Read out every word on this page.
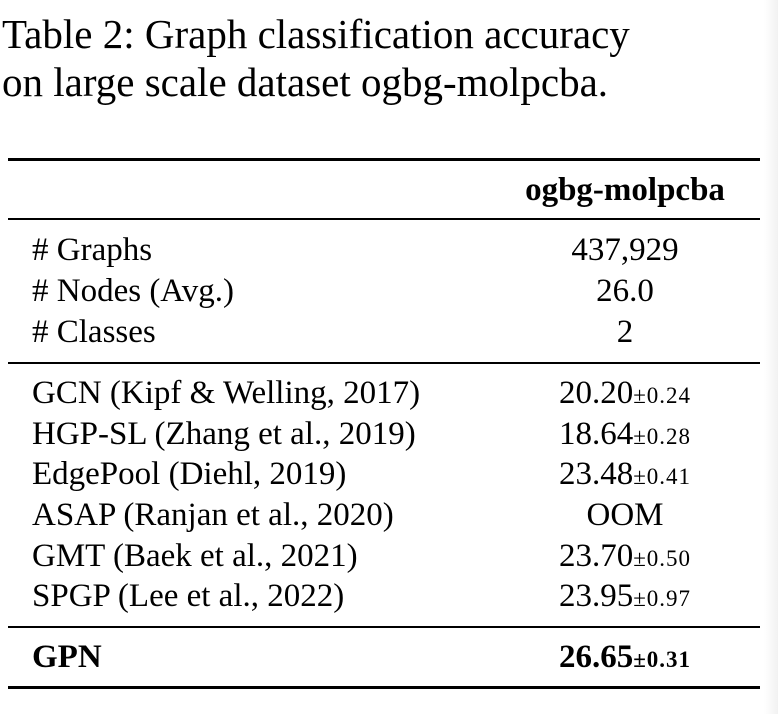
Table 2: Graph classification accuracy
on large scale dataset ogbg-molpcba.
ogbg-molpcba
# Graphs	437,929
# Nodes (Avg.)	26.0
# Classes	2
GCN (Kipf & Welling, 2017)	20.20±0.24
HGP-SL (Zhang et al., 2019)	18.64±0.28
EdgePool (Diehl, 2019)	23.48±0.41
ASAP (Ranjan et al., 2020)	OOM
GMT (Baek et al., 2021)	23.70±0.50
SPGP (Lee et al., 2022)	23.95±0.97
GPN	26.65±0.31
